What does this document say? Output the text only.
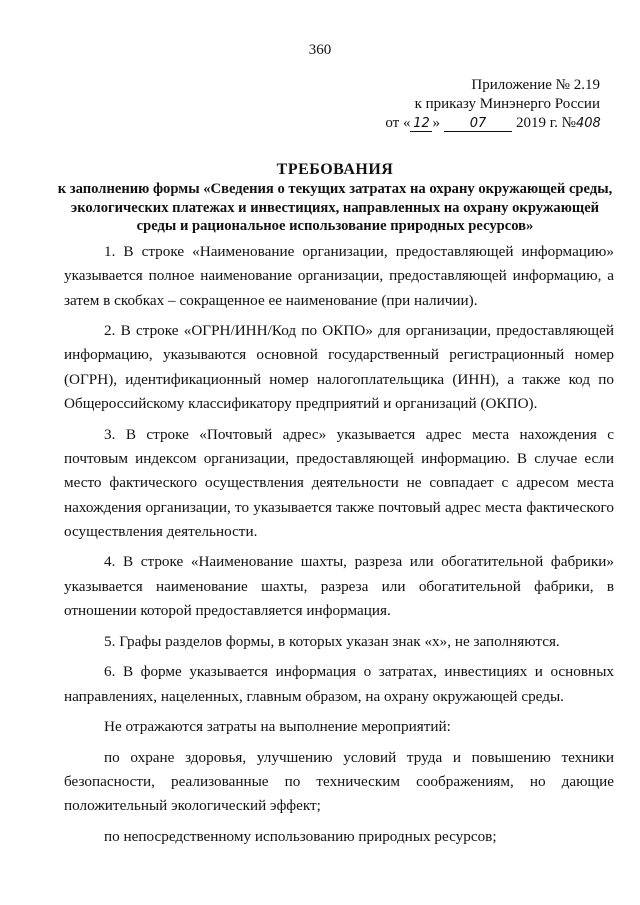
360
Приложение № 2.19
к приказу Минэнерго России
от « 12 » 07 2019 г. №408
ТРЕБОВАНИЯ
к заполнению формы «Сведения о текущих затратах на охрану окружающей среды, экологических платежах и инвестициях, направленных на охрану окружающей среды и рациональное использование природных ресурсов»

1. В строке «Наименование организации, предоставляющей информацию» указывается полное наименование организации, предоставляющей информацию, а затем в скобках – сокращенное ее наименование (при наличии).

2. В строке «ОГРН/ИНН/Код по ОКПО» для организации, предоставляющей информацию, указываются основной государственный регистрационный номер (ОГРН), идентификационный номер налогоплательщика (ИНН), а также код по Общероссийскому классификатору предприятий и организаций (ОКПО).

3. В строке «Почтовый адрес» указывается адрес места нахождения с почтовым индексом организации, предоставляющей информацию. В случае если место фактического осуществления деятельности не совпадает с адресом места нахождения организации, то указывается также почтовый адрес места фактического осуществления деятельности.

4. В строке «Наименование шахты, разреза или обогатительной фабрики» указывается наименование шахты, разреза или обогатительной фабрики, в отношении которой предоставляется информация.

5. Графы разделов формы, в которых указан знак «х», не заполняются.

6. В форме указывается информация о затратах, инвестициях и основных направлениях, нацеленных, главным образом, на охрану окружающей среды.

Не отражаются затраты на выполнение мероприятий:

по охране здоровья, улучшению условий труда и повышению техники безопасности, реализованные по техническим соображениям, но дающие положительный экологический эффект;

по непосредственному использованию природных ресурсов;
